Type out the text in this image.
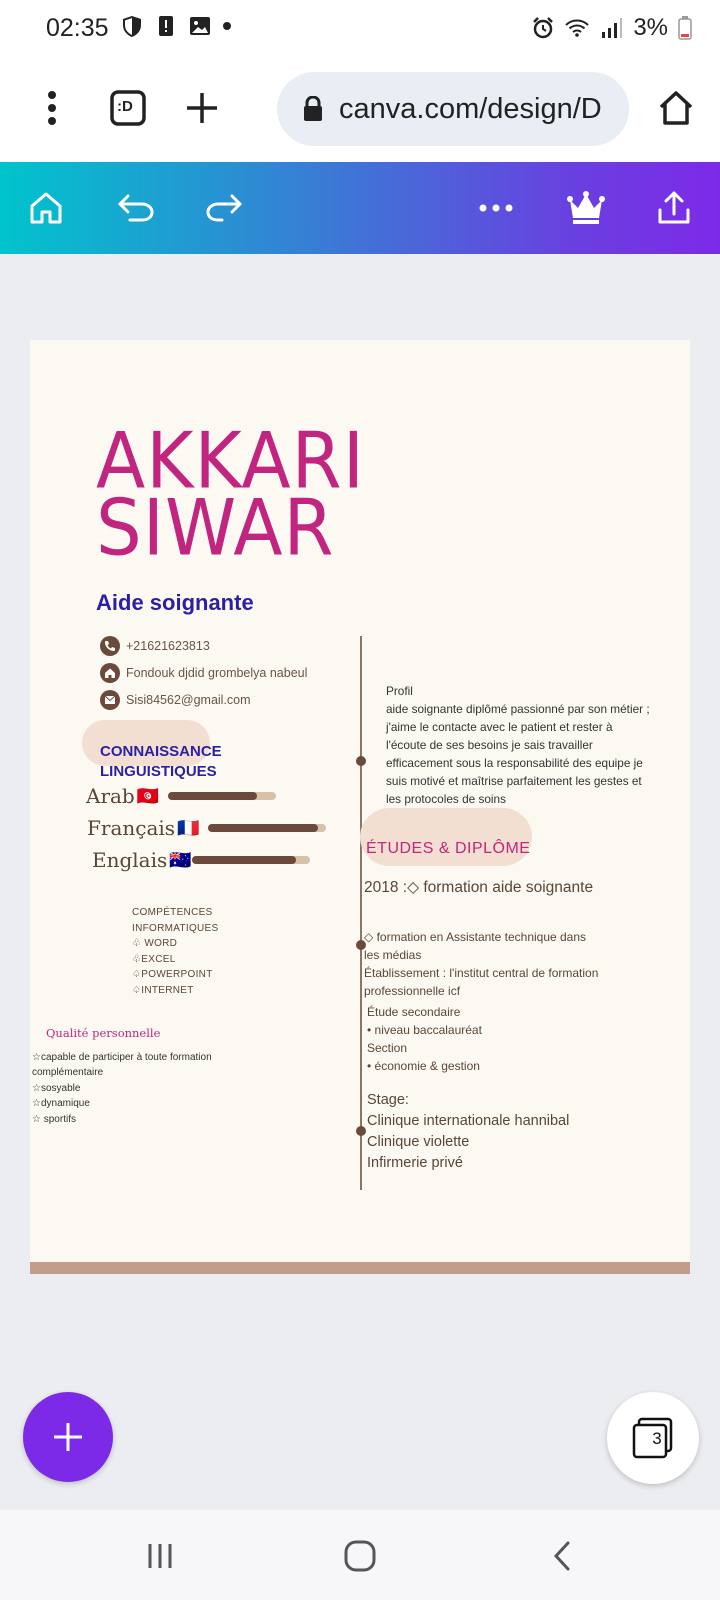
02:35	3%
:D	canva.com/design/D
AKKARI
SIWAR
Aide soignante
+21621623813
Fondouk djdid grombelya nabeul
Sisi84562@gmail.com
CONNAISSANCE
LINGUISTIQUES
Arab 🇹🇳
Français 🇫🇷
Englais 🇦🇺
COMPÉTENCES
INFORMATIQUES
♧ WORD
♧EXCEL
♤POWERPOINT
♤INTERNET
Qualité personnelle
☆capable de participer à toute formation complémentaire
☆sosyable
☆dynamique
☆ sportifs
Profil
aide soignante diplômé passionné par son métier ; j'aime le contacte avec le patient et rester à l'écoute de ses besoins je sais travailler efficacement sous la responsabilité des equipe je suis motivé et maîtrise parfaitement les gestes et les protocoles de soins
ÉTUDES & DIPLÔME
2018 :◇ formation aide soignante
◇ formation en Assistante technique dans les médias
Établissement : l'institut central de formation professionnelle icf
Étude secondaire
• niveau baccalauréat
Section
• économie & gestion
Stage:
Clinique internationale hannibal
Clinique violette
Infirmerie privé
3
